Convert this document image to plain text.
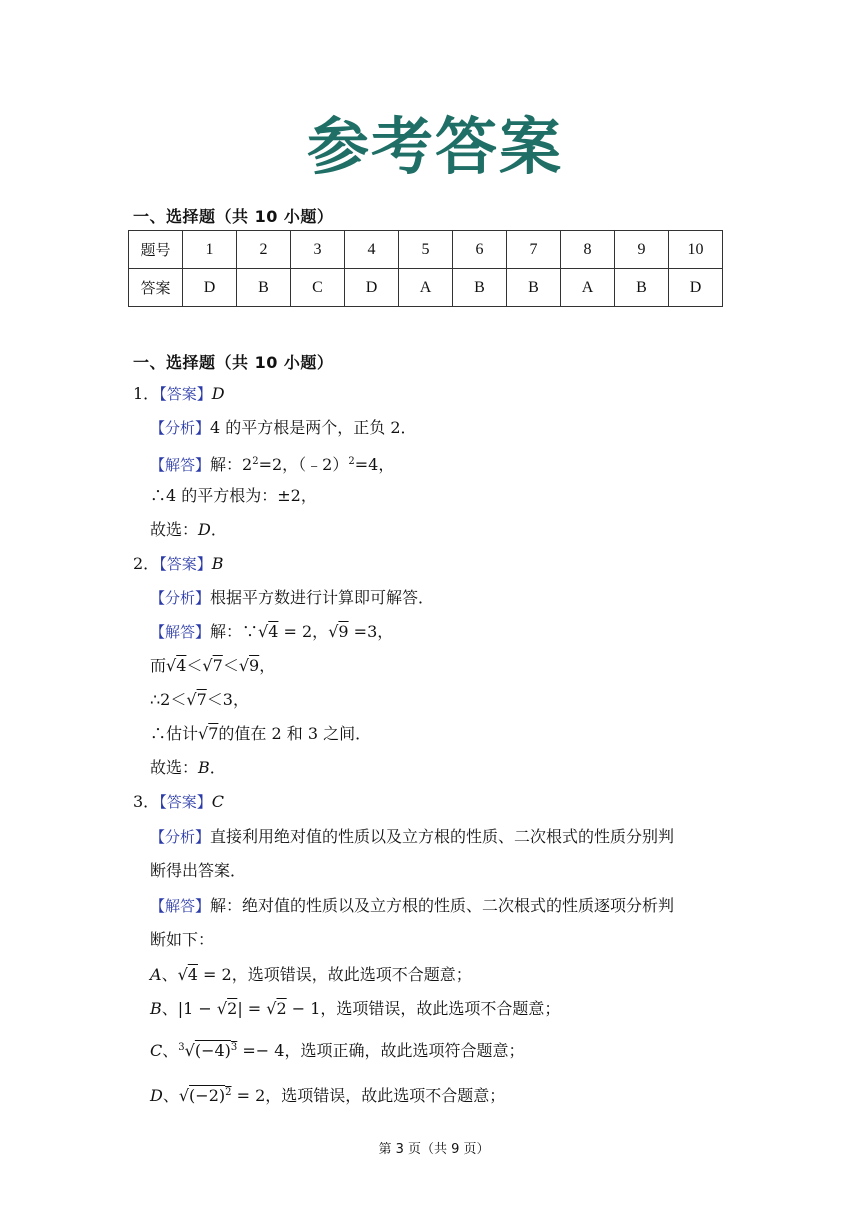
参考答案
一、选择题（共 10 小题）
题号	1	2	3	4	5	6	7	8	9	10
答案	D	B	C	D	A	B	B	A	B	D
一、选择题（共 10 小题）
1．【答案】D
【分析】4 的平方根是两个，正负 2．
【解答】解：$2^2=2$，（﹣2）$^2$=4，
∴4 的平方根为：±2，
故选：D．
2．【答案】B
【分析】根据平方数进行计算即可解答．
【解答】解：∵√4 = 2，√9 =3，
而√4＜√7＜√9，
∴2＜√7＜3，
∴估计√7的值在 2 和 3 之间．
故选：B．
3．【答案】C
【分析】直接利用绝对值的性质以及立方根的性质、二次根式的性质分别判
断得出答案．
【解答】解：绝对值的性质以及立方根的性质、二次根式的性质逐项分析判
断如下：
A、√4 = 2，选项错误，故此选项不合题意；
B、|1 − √2| = √2 − 1，选项错误，故此选项不合题意；
C、$^3√(-4)^3 =- 4$，选项正确，故此选项符合题意；
D、$√(-2)^2 = 2$，选项错误，故此选项不合题意；
第 3 页（共 9 页）
